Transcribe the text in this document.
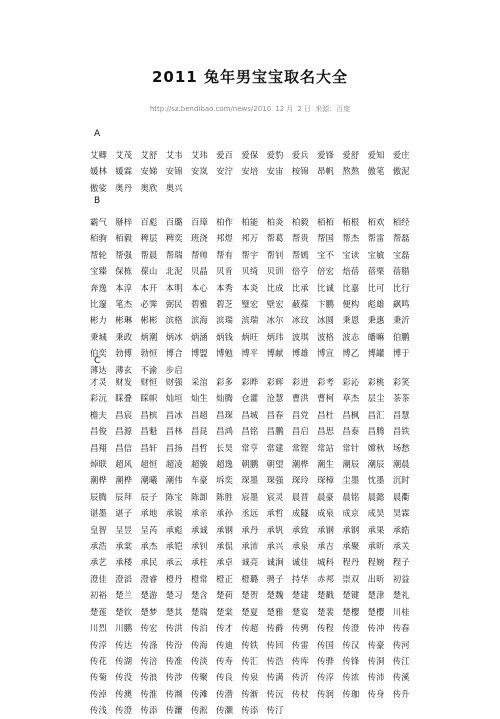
2011 兔年男宝宝取名大全
http://sz.bendibao.com/news/2010 12 月 2 日 来源：百度
A
艾卿 艾茂 艾舒 艾韦 艾玮 爱百 爱保 爱豹 爱兵 爱锋 爱舒 爱知 爱庄 媛林 媛霖 安娣 安锦 安岚 安泞 安培 安宙 桉锦 昂帆 熬熬 傲笔 傲泥 傲娑 奥丹 奥欣 奥兴
B
霸气 掰梓 百彪 百璐 百璋 柏作 柏能 柏炎 柏毅 栢栢 栢根 栢欢 栢经 栢驹 栢毅 稗层 稗奕 班浇 邦煜 邦万 帮葛 帮贵 帮国 帮杰 帮雷 帮磊 帮轮 帮强 帮晨 帮瑞 帮帅 帮有 帮宇 帮钊 帮嫣 宝不 宝读 宝敏 宝磊 宝臻 保栋 葆山 北泥 贝晶 贝肯 贝绮 贝训 倍亨 倍宏 焙蓓 蓓栗 蓓腊 奔逸 本淳 本开 本明 本心 本秀 本炎 比成 比承 比诚 比嘉 比可 比行 比邃 笔杰 必霁 弼民 碧雅 碧芝 璧宏 壁宏 蔽葆 卞鹏 便构 彪雄 飙鸣 彬力 彬琳 彬彬 滨格 滨海 滨瑞 滨瑞 冰尔 冰玟 冰圆 秉恩 秉惠 秉沂 秉城 秉政 炳潮 炳冰 炳涵 炳钱 炳旺 炳玮 波琪 波格 波志 皤嘛 伯鹏 伯奕 勃傅 勃恒 博合 博盟 博勉 博平 博献 博雄 博宣 博乙 博罐 博于 薄达 薄玄 不渝 步启
C
才灵 财发 财恒 财强 采涫 彩多 彩晔 彩辉 彩进 彩考 彩沁 彩桃 彩笑 彩沅 睬叠 睬帜 灿垣 灿生 灿腾 仓灌 沧慧 曹洪 曹柯 草杰 层尘 茶茶 檐夫 昌宸 昌槟 昌冰 昌超 昌琛 昌城 昌春 昌党 昌杜 昌枫 昌汇 昌慧 昌俊 昌源 昌魁 昌林 昌昆 昌鸿 昌铭 昌鹏 昌启 昌思 昌泰 昌腾 昌铁 昌翔 昌信 昌轩 昌扬 昌哲 长昊 常亨 常建 常铿 常站 常针 嫦秋 场愁 焯联 超风 超恒 超凌 超骏 超逸 朝鹏 朝望 潮桦 潮生 潮辰 潮辰 潮晨 潮桦 潮桦 潮曦 潮伟 车豪 坼奕 琛墨 琛强 琛玲 琛樟 尘墨 忱墨 沉时 辰腾 辰拜 辰子 陈宝 陈卸 陈胜 宸墨 宸灵 晨晋 晨豪 晨铭 晨懿 晨衢 谌墨 谌子 承地 承锐 承亲 承孙 丞远 承哲 成隧 成泉 成京 成昊 昊霖 皇智 呈昱 呈芮 承彪 承诚 承钢 承丹 承钒 承致 承钢 承钢 承果 承皓 承浩 承棠 承杰 承铠 承钊 承侃 承沛 承兴 承泉 承吉 承聚 承昕 承关 承艺 承楼 承民 承云 承柱 承卓 诚亮 诚涧 诚佳 城科 程丹 程婉 程子 澄佳 澄滔 澄睿 橙丹 橙常 橙正 橙璐 骋子 持华 赤邦 崇双 出昕 初益 初裕 楚兰 楚游 楚习 楚含 楚荷 楚贺 楚魏 楚建 楚戳 楚键 楚津 楚礼 楚莲 楚钦 楚梦 楚其 楚瑞 楚棠 楚夏 楚雅 楚宴 楚裴 楚樱 楚樱 川桂 川烈 川鹏 传宏 传洪 传泊 传才 传超 传爵 传骋 传程 传澄 传冲 传春 传淳 传达 传涤 传汾 传海 传迪 传铁 传回 传雷 传国 传汉 传豪 传河 传花 传湖 传涪 传准 传淡 传寿 传汇 传浩 传库 传骅 传锋 传洞 传江 传菊 传没 传浪 传涉 传聚 传良 传泉 传满 传沂 传淳 传浓 传沛 传溪 传淖 传澳 传淮 传濒 传滩 传潜 传渐 传沅 传杖 传润 传珈 传身 传升 传浅 传澄 传添 传濂 传淞 传灏 传添 传汀
